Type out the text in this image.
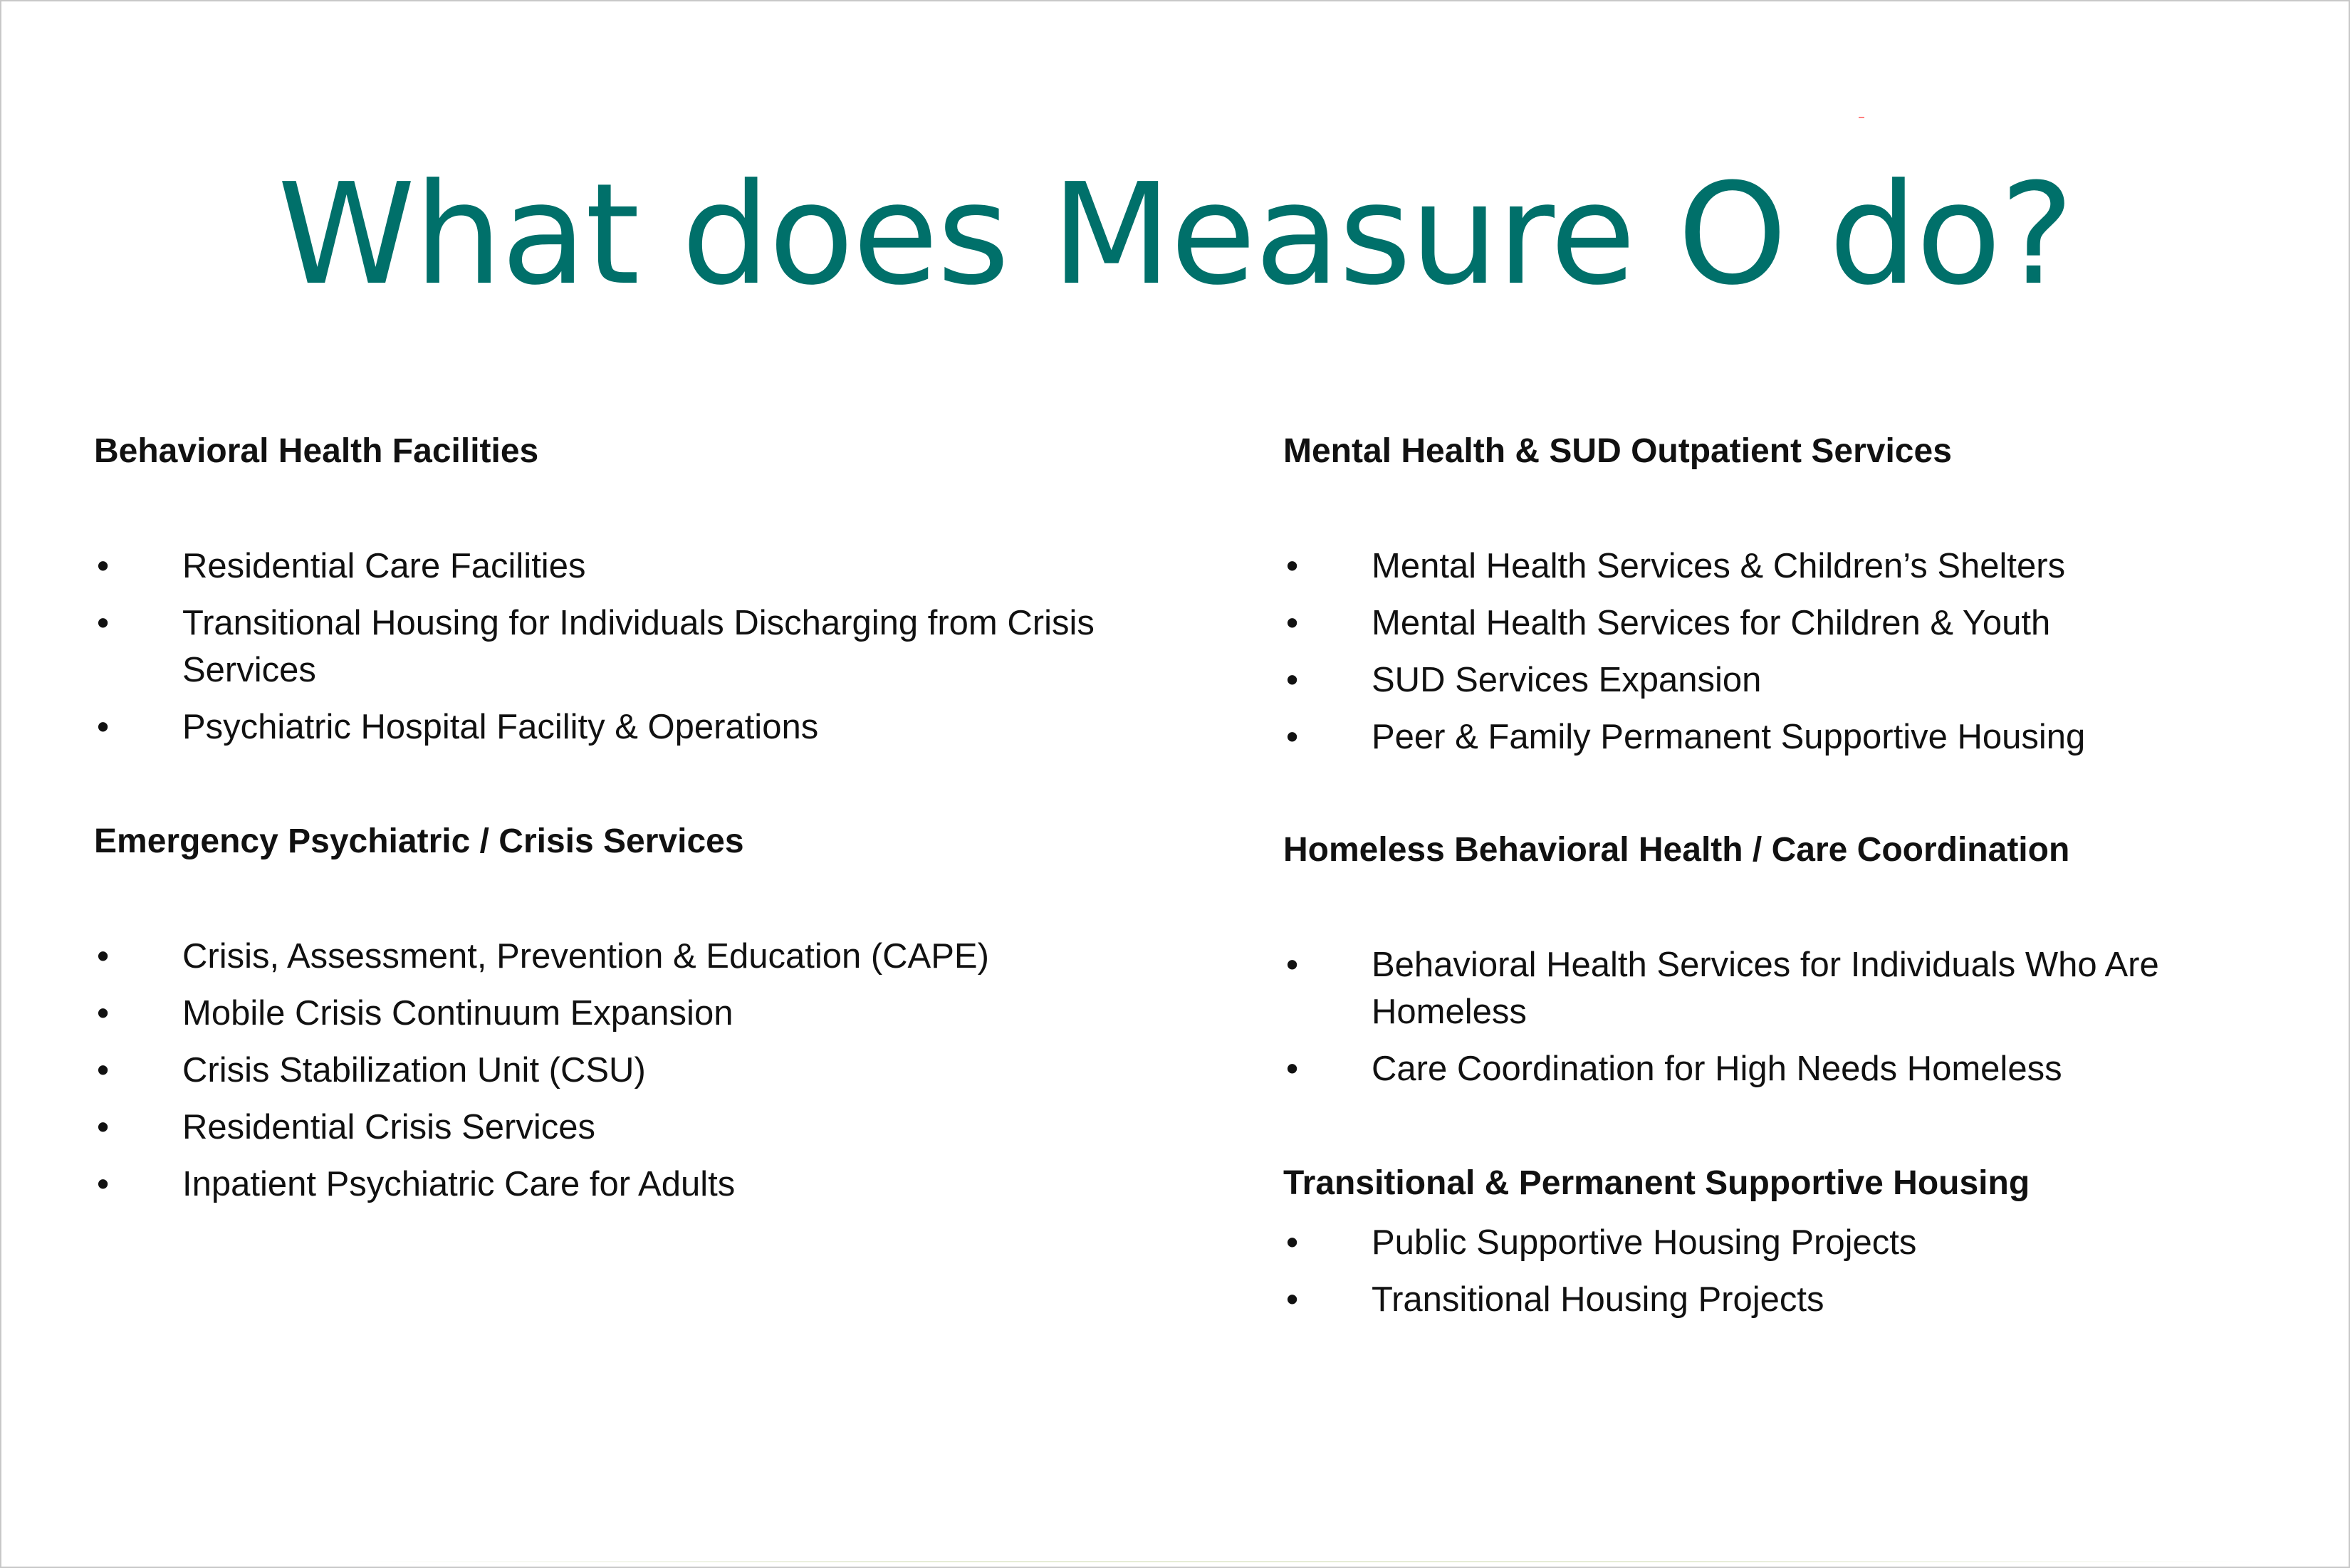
What does Measure O do?
Behavioral Health Facilities
•	Residential Care Facilities
•	Transitional Housing for Individuals Discharging from Crisis Services
•	Psychiatric Hospital Facility & Operations
Emergency Psychiatric / Crisis Services
•	Crisis, Assessment, Prevention & Education (CAPE)
•	Mobile Crisis Continuum Expansion
•	Crisis Stabilization Unit (CSU)
•	Residential Crisis Services
•	Inpatient Psychiatric Care for Adults
Mental Health & SUD Outpatient Services
•	Mental Health Services & Children’s Shelters
•	Mental Health Services for Children & Youth
•	SUD Services Expansion
•	Peer & Family Permanent Supportive Housing
Homeless Behavioral Health / Care Coordination
•	Behavioral Health Services for Individuals Who Are Homeless
•	Care Coordination for High Needs Homeless
Transitional & Permanent Supportive Housing
•	Public Supportive Housing Projects
•	Transitional Housing Projects
